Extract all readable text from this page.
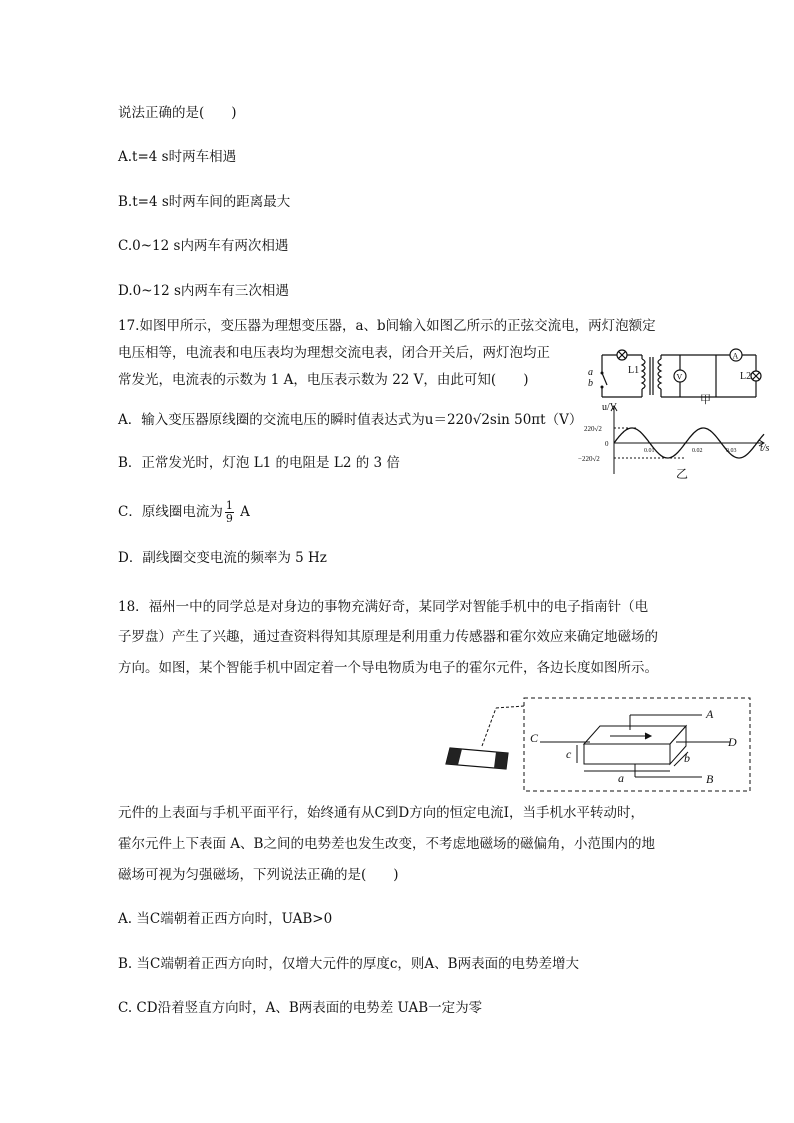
说法正确的是(　　)
A.t=4 s时两车相遇
B.t=4 s时两车间的距离最大
C.0~12 s内两车有两次相遇
D.0~12 s内两车有三次相遇
17.如图甲所示，变压器为理想变压器，a、b间输入如图乙所示的正弦交流电，两灯泡额定
电压相等，电流表和电压表均为理想交流电表，闭合开关后，两灯泡均正
常发光，电流表的示数为 1 A，电压表示数为 22 V，由此可知(　　)
A．输入变压器原线圈的交流电压的瞬时值表达式为u＝220√2sin 50πt（V）
B．正常发光时，灯泡 L1 的电阻是 L2 的 3 倍
C．原线圈电流为 $\frac{1}{9}$ A
D．副线圈交变电流的频率为 5 Hz
a
b
L1
V
A
L2
甲
u/V
t/s
220√2
0
−220√2
0.01	0.02	0.03
乙
18．福州一中的同学总是对身边的事物充满好奇，某同学对智能手机中的电子指南针（电
子罗盘）产生了兴趣，通过查资料得知其原理是利用重力传感器和霍尔效应来确定地磁场的
方向。如图，某个智能手机中固定着一个导电物质为电子的霍尔元件，各边长度如图所示。
A
B
C	D
a
b
c
元件的上表面与手机平面平行，始终通有从C到D方向的恒定电流I，当手机水平转动时，
霍尔元件上下表面 A、B之间的电势差也发生改变，不考虑地磁场的磁偏角，小范围内的地
磁场可视为匀强磁场，下列说法正确的是(　　)
A. 当C端朝着正西方向时，UAB>0
B. 当C端朝着正西方向时，仅增大元件的厚度c，则A、B两表面的电势差增大
C. CD沿着竖直方向时，A、B两表面的电势差 UAB一定为零
